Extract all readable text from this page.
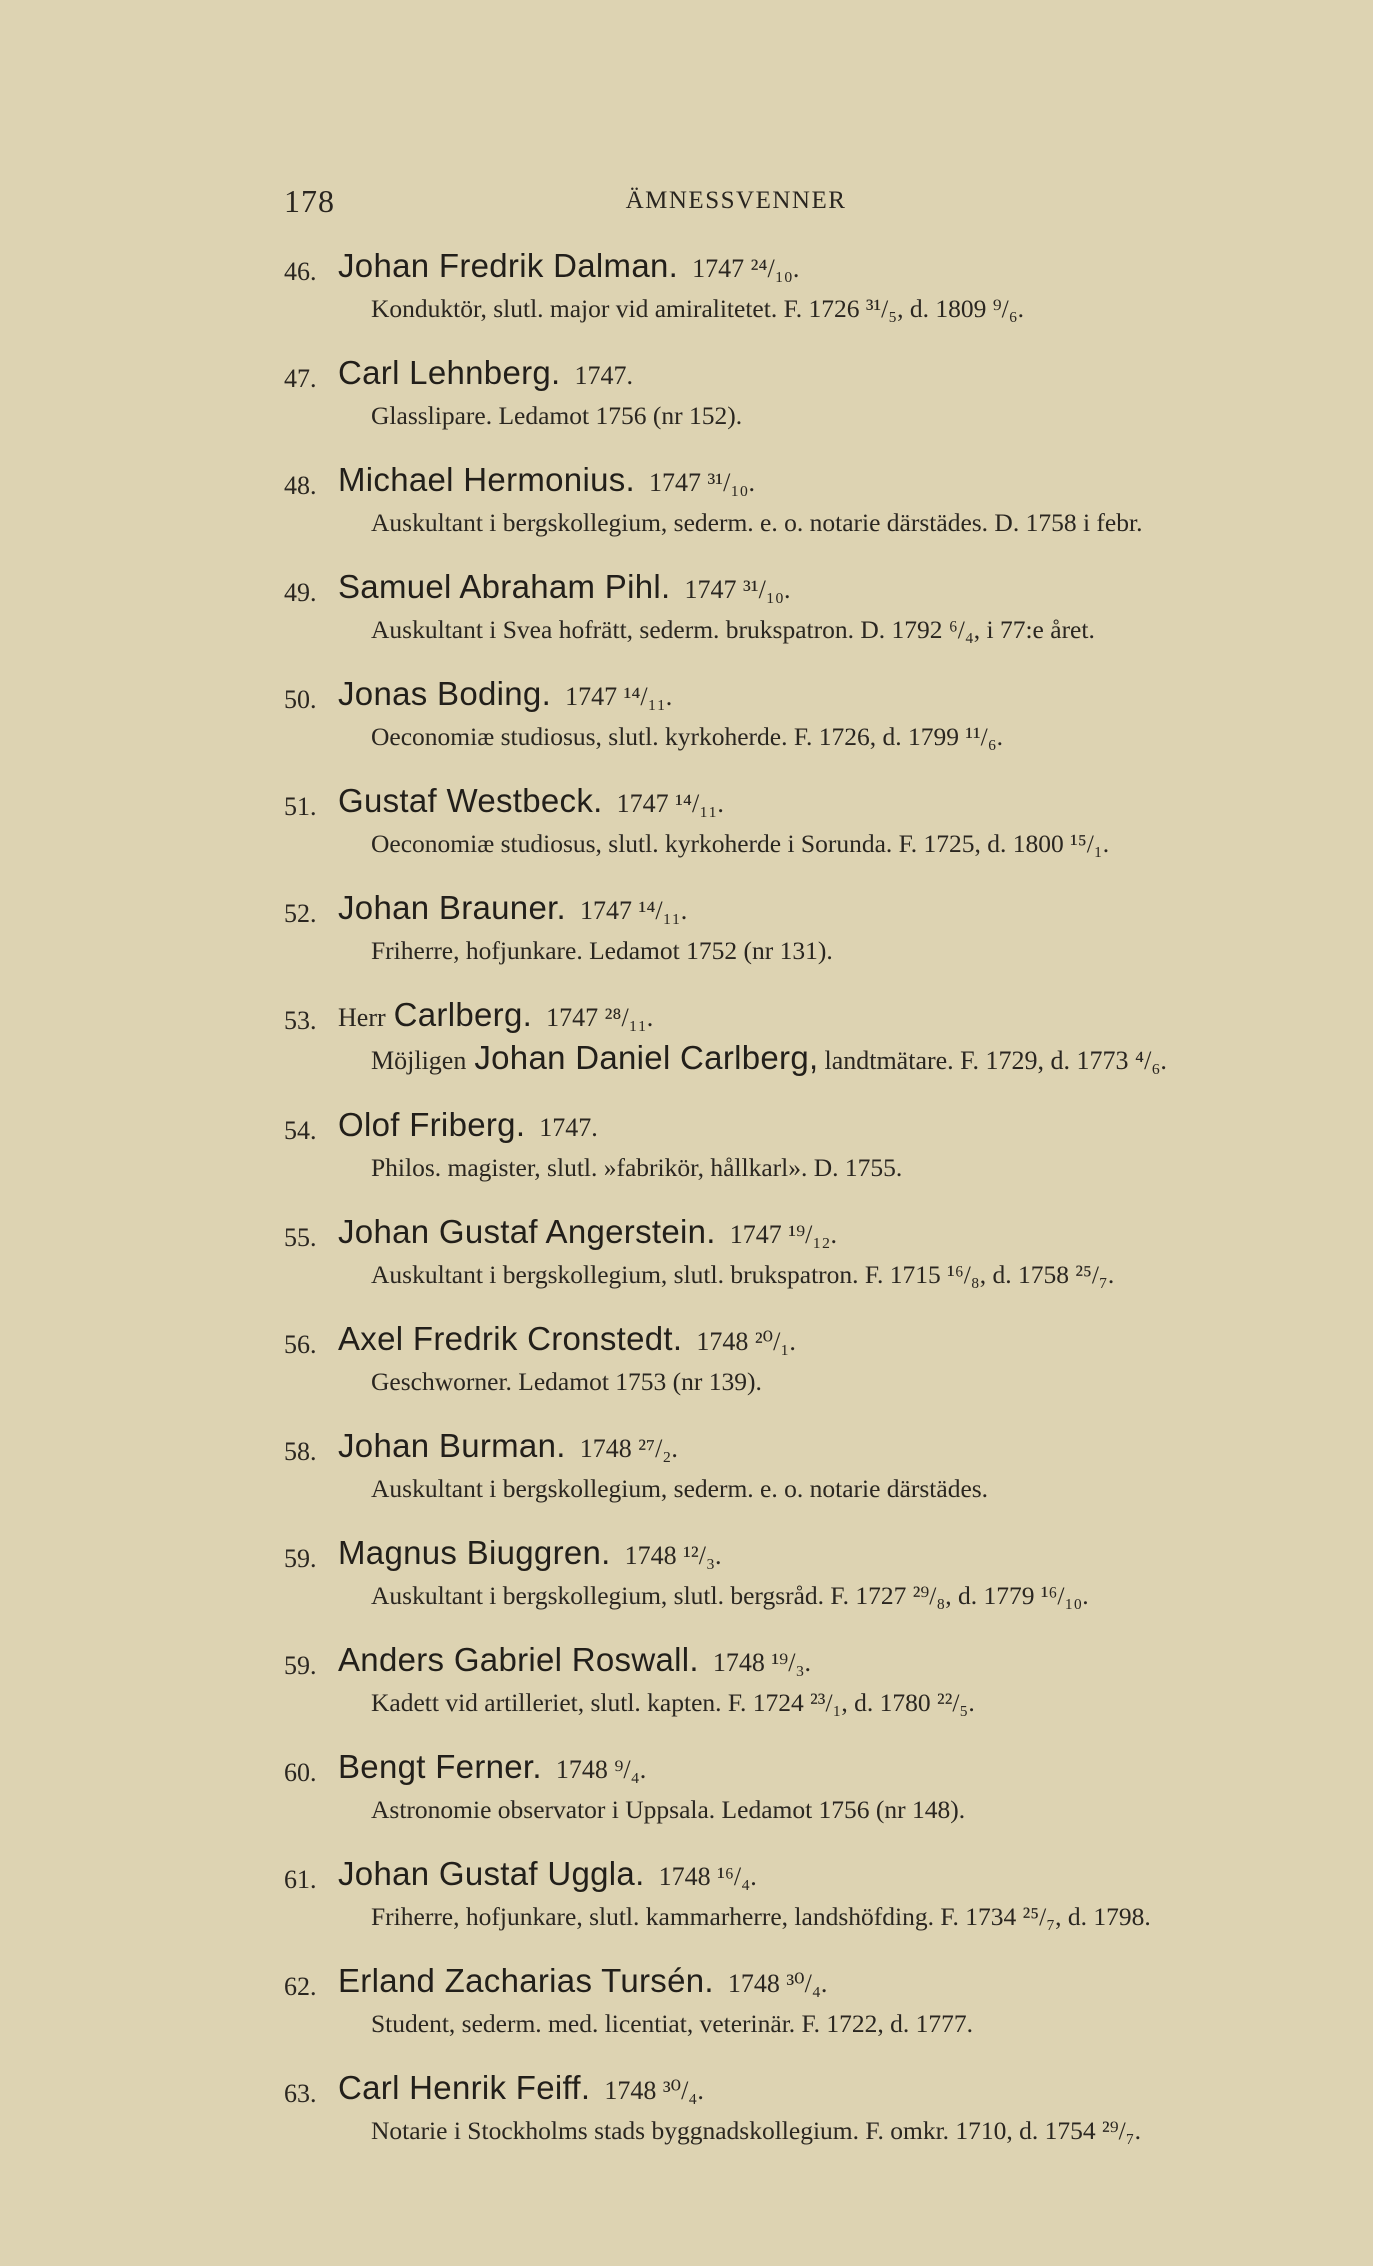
178	ÄMNESSVENNER
46. Johan Fredrik Dalman. 1747 ²⁴/₁₀.
Konduktör, slutl. major vid amiralitetet. F. 1726 ³¹/₅, d. 1809 ⁹/₆.
47. Carl Lehnberg. 1747.
Glasslipare. Ledamot 1756 (nr 152).
48. Michael Hermonius. 1747 ³¹/₁₀.
Auskultant i bergskollegium, sederm. e. o. notarie därstädes. D. 1758 i febr.
49. Samuel Abraham Pihl. 1747 ³¹/₁₀.
Auskultant i Svea hofrätt, sederm. brukspatron. D. 1792 ⁶/₄, i 77:e året.
50. Jonas Boding. 1747 ¹⁴/₁₁.
Oeconomiæ studiosus, slutl. kyrkoherde. F. 1726, d. 1799 ¹¹/₆.
51. Gustaf Westbeck. 1747 ¹⁴/₁₁.
Oeconomiæ studiosus, slutl. kyrkoherde i Sorunda. F. 1725, d. 1800 ¹⁵/₁.
52. Johan Brauner. 1747 ¹⁴/₁₁.
Friherre, hofjunkare. Ledamot 1752 (nr 131).
53. Herr Carlberg. 1747 ²⁸/₁₁.
Möjligen Johan Daniel Carlberg, landtmätare. F. 1729, d. 1773 ⁴/₆.
54. Olof Friberg. 1747.
Philos. magister, slutl. »fabrikör, hållkarl». D. 1755.
55. Johan Gustaf Angerstein. 1747 ¹⁹/₁₂.
Auskultant i bergskollegium, slutl. brukspatron. F. 1715 ¹⁶/₈, d. 1758 ²⁵/₇.
56. Axel Fredrik Cronstedt. 1748 ²⁰/₁.
Geschworner. Ledamot 1753 (nr 139).
58. Johan Burman. 1748 ²⁷/₂.
Auskultant i bergskollegium, sederm. e. o. notarie därstädes.
59. Magnus Biuggren. 1748 ¹²/₃.
Auskultant i bergskollegium, slutl. bergsråd. F. 1727 ²⁹/₈, d. 1779 ¹⁶/₁₀.
59. Anders Gabriel Roswall. 1748 ¹⁹/₃.
Kadett vid artilleriet, slutl. kapten. F. 1724 ²³/₁, d. 1780 ²²/₅.
60. Bengt Ferner. 1748 ⁹/₄.
Astronomie observator i Uppsala. Ledamot 1756 (nr 148).
61. Johan Gustaf Uggla. 1748 ¹⁶/₄.
Friherre, hofjunkare, slutl. kammarherre, landshöfding. F. 1734 ²⁵/₇, d. 1798.
62. Erland Zacharias Tursén. 1748 ³⁰/₄.
Student, sederm. med. licentiat, veterinär. F. 1722, d. 1777.
63. Carl Henrik Feiff. 1748 ³⁰/₄.
Notarie i Stockholms stads byggnadskollegium. F. omkr. 1710, d. 1754 ²⁹/₇.
